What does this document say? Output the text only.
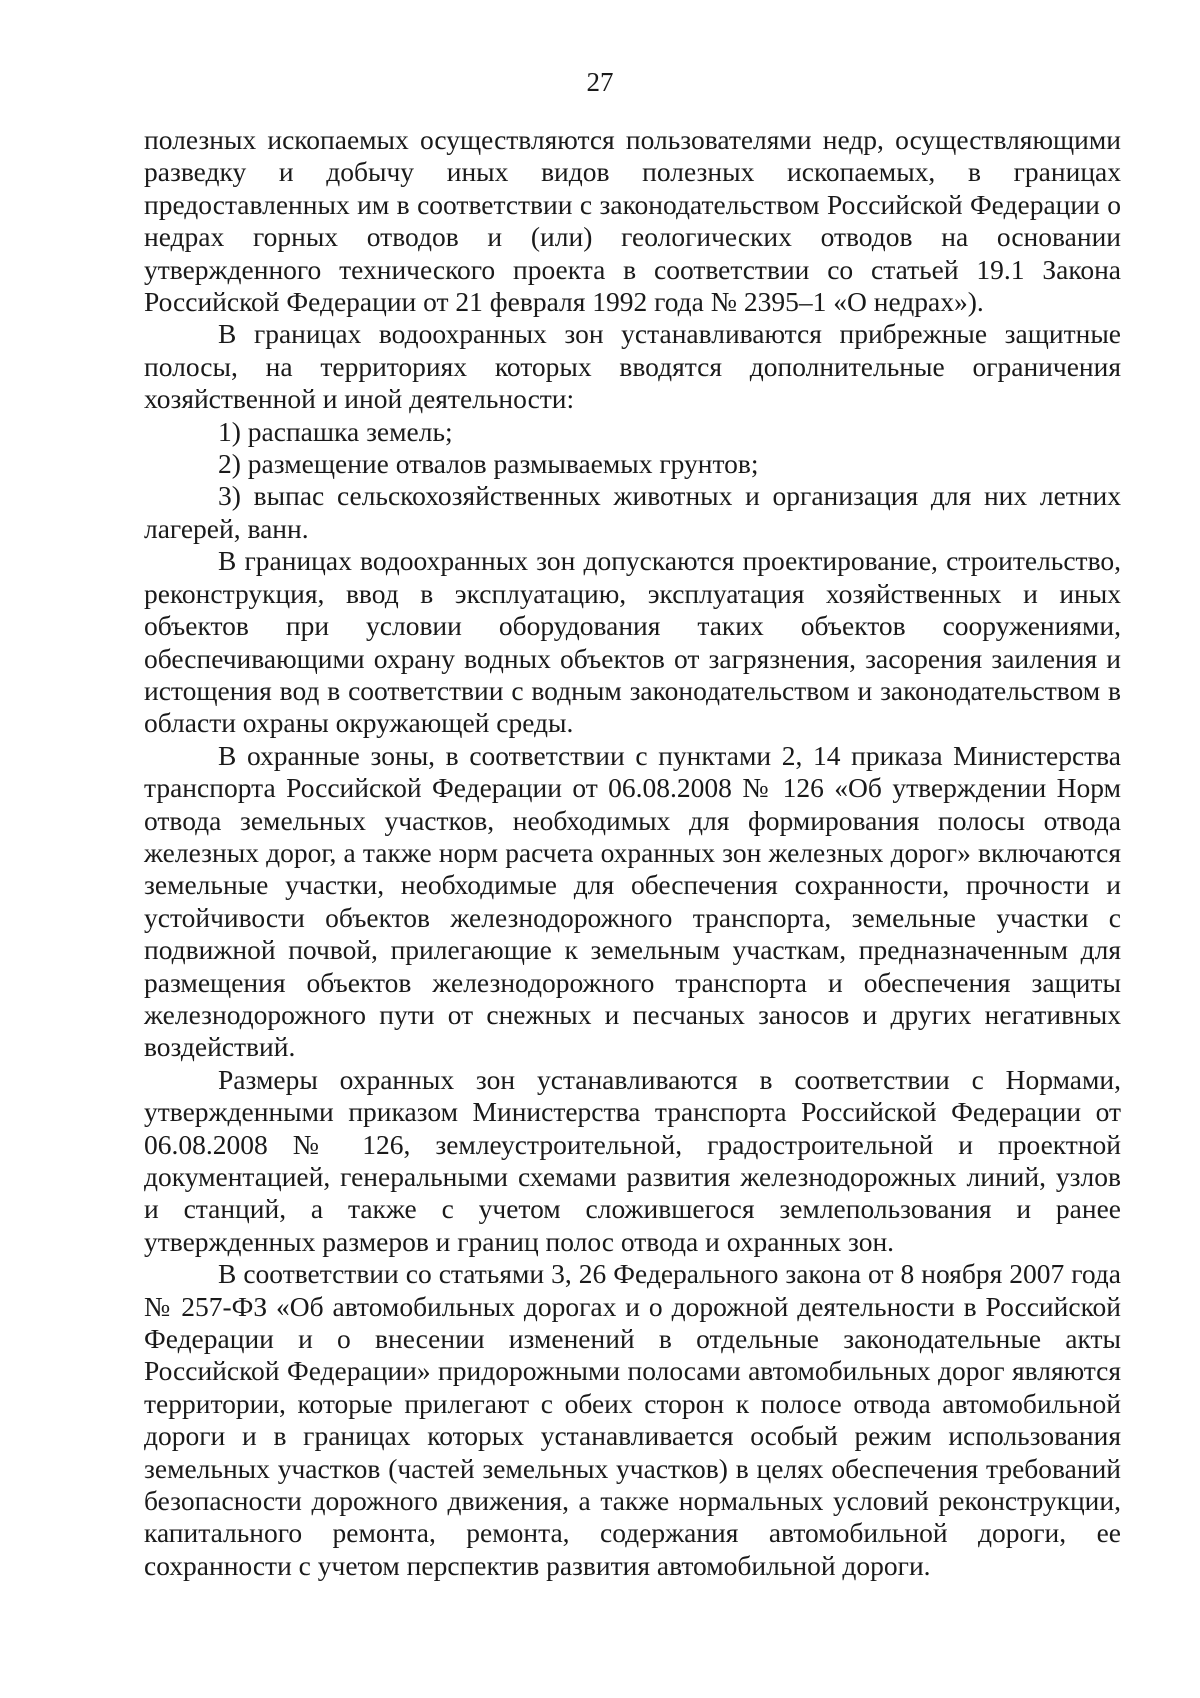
27

полезных ископаемых осуществляются пользователями недр, осуществляющими разведку и добычу иных видов полезных ископаемых, в границах предоставленных им в соответствии с законодательством Российской Федерации о недрах горных отводов и (или) геологических отводов на основании утвержденного технического проекта в соответствии со статьей 19.1 Закона Российской Федерации от 21 февраля 1992 года № 2395–1 «О недрах»).

В границах водоохранных зон устанавливаются прибрежные защитные полосы, на территориях которых вводятся дополнительные ограничения хозяйственной и иной деятельности:

1) распашка земель;

2) размещение отвалов размываемых грунтов;

3) выпас сельскохозяйственных животных и организация для них летних лагерей, ванн.

В границах водоохранных зон допускаются проектирование, строительство, реконструкция, ввод в эксплуатацию, эксплуатация хозяйственных и иных объектов при условии оборудования таких объектов сооружениями, обеспечивающими охрану водных объектов от загрязнения, засорения заиления и истощения вод в соответствии с водным законодательством и законодательством в области охраны окружающей среды.

В охранные зоны, в соответствии с пунктами 2, 14 приказа Министерства транспорта Российской Федерации от 06.08.2008 № 126 «Об утверждении Норм отвода земельных участков, необходимых для формирования полосы отвода железных дорог, а также норм расчета охранных зон железных дорог» включаются земельные участки, необходимые для обеспечения сохранности, прочности и устойчивости объектов железнодорожного транспорта, земельные участки с подвижной почвой, прилегающие к земельным участкам, предназначенным для размещения объектов железнодорожного транспорта и обеспечения защиты железнодорожного пути от снежных и песчаных заносов и других негативных воздействий.

Размеры охранных зон устанавливаются в соответствии с Нормами, утвержденными приказом Министерства транспорта Российской Федерации от 06.08.2008 № 126, землеустроительной, градостроительной и проектной документацией, генеральными схемами развития железнодорожных линий, узлов и станций, а также с учетом сложившегося землепользования и ранее утвержденных размеров и границ полос отвода и охранных зон.

В соответствии со статьями 3, 26 Федерального закона от 8 ноября 2007 года № 257-ФЗ «Об автомобильных дорогах и о дорожной деятельности в Российской Федерации и о внесении изменений в отдельные законодательные акты Российской Федерации» придорожными полосами автомобильных дорог являются территории, которые прилегают с обеих сторон к полосе отвода автомобильной дороги и в границах которых устанавливается особый режим использования земельных участков (частей земельных участков) в целях обеспечения требований безопасности дорожного движения, а также нормальных условий реконструкции, капитального ремонта, ремонта, содержания автомобильной дороги, ее сохранности с учетом перспектив развития автомобильной дороги.
